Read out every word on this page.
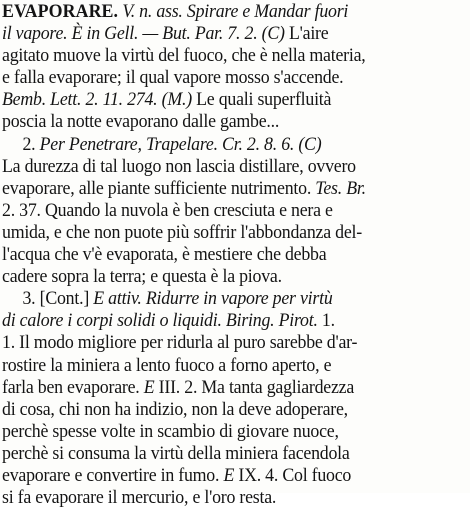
EVAPORARE. V. n. ass. Spirare e Mandar fuori
il vapore. È in Gell. — But. Par. 7. 2. (C) L'aire
agitato muove la virtù del fuoco, che è nella materia,
e falla evaporare; il qual vapore mosso s'accende.
Bemb. Lett. 2. 11. 274. (M.) Le quali superfluità
poscia la notte evaporano dalle gambe...
2. Per Penetrare, Trapelare. Cr. 2. 8. 6. (C)
La durezza di tal luogo non lascia distillare, ovvero
evaporare, alle piante sufficiente nutrimento. Tes. Br.
2. 37. Quando la nuvola è ben cresciuta e nera e
umida, e che non puote più soffrir l'abbondanza del-
l'acqua che v'è evaporata, è mestiere che debba
cadere sopra la terra; e questa è la piova.
3. [Cont.] E attiv. Ridurre in vapore per virtù
di calore i corpi solidi o liquidi. Biring. Pirot. 1.
1. Il modo migliore per ridurla al puro sarebbe d'ar-
rostire la miniera a lento fuoco a forno aperto, e
farla ben evaporare. E III. 2. Ma tanta gagliardezza
di cosa, chi non ha indizio, non la deve adoperare,
perchè spesse volte in scambio di giovare nuoce,
perchè si consuma la virtù della miniera facendola
evaporare e convertire in fumo. E IX. 4. Col fuoco
si fa evaporare il mercurio, e l'oro resta.
